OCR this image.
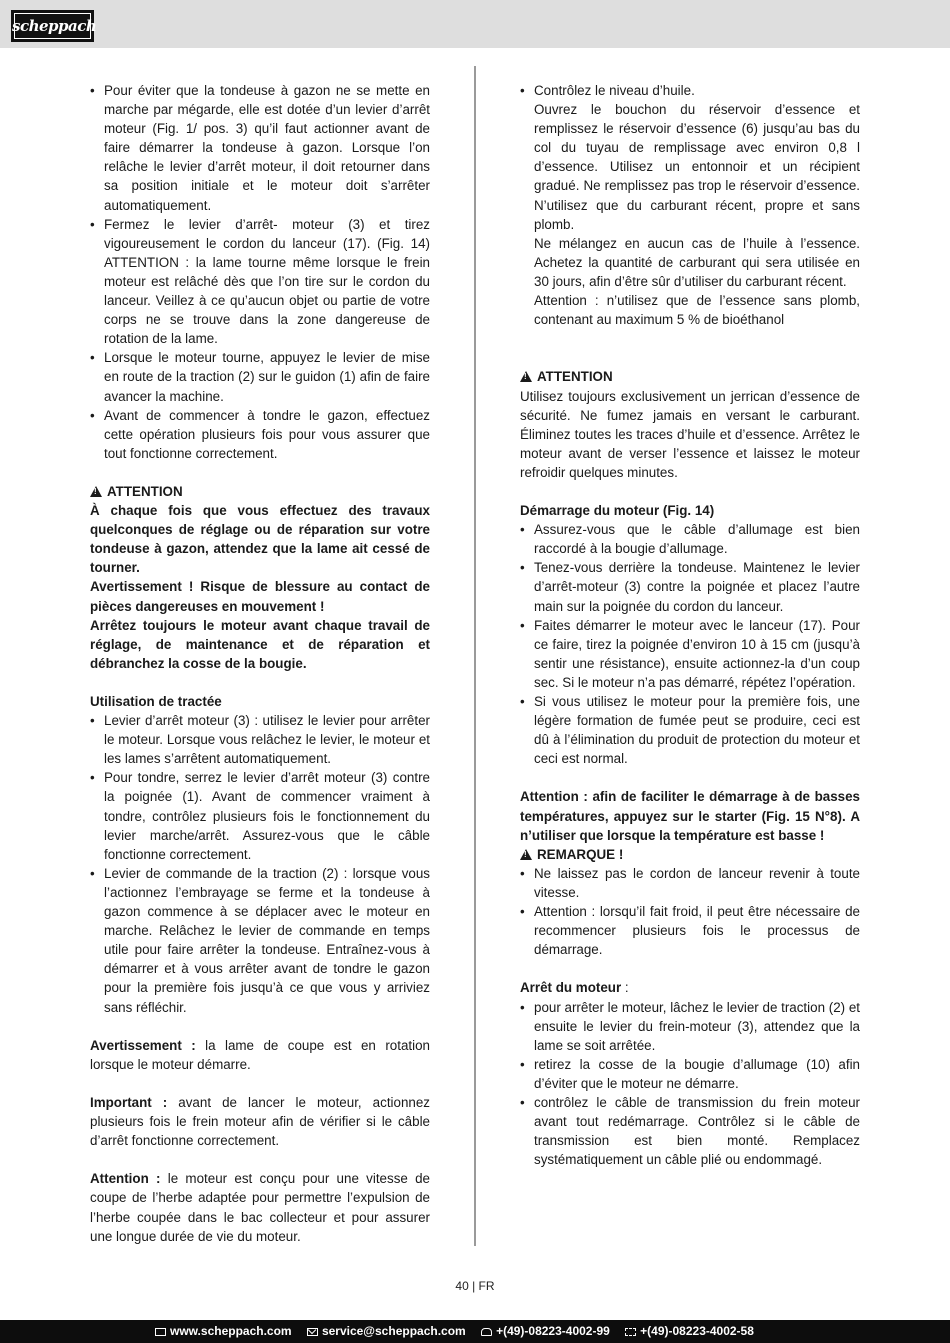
scheppach
• Pour éviter que la tondeuse à gazon ne se mette en marche par mégarde, elle est dotée d’un levier d’arrêt moteur (Fig. 1/ pos. 3) qu’il faut actionner avant de faire démarrer la tondeuse à gazon. Lorsque l’on relâche le levier d’arrêt moteur, il doit retourner dans sa position initiale et le moteur doit s’arrêter automatiquement.
• Fermez le levier d’arrêt- moteur (3) et tirez vigoureusement le cordon du lanceur (17). (Fig. 14) ATTENTION : la lame tourne même lorsque le frein moteur est relâché dès que l’on tire sur le cordon du lanceur. Veillez à ce qu’aucun objet ou partie de votre corps ne se trouve dans la zone dangereuse de rotation de la lame.
• Lorsque le moteur tourne, appuyez le levier de mise en route de la traction (2) sur le guidon (1) afin de faire avancer la machine.
• Avant de commencer à tondre le gazon, effectuez cette opération plusieurs fois pour vous assurer que tout fonctionne correctement.

!ATTENTION

À chaque fois que vous effectuez des travaux quelconques de réglage ou de réparation sur votre tondeuse à gazon, attendez que la lame ait cessé de tourner.

Avertissement ! Risque de blessure au contact de pièces dangereuses en mouvement !

Arrêtez toujours le moteur avant chaque travail de réglage, de maintenance et de réparation et débranchez la cosse de la bougie.

Utilisation de tractée

• Levier d’arrêt moteur (3) : utilisez le levier pour arrêter le moteur. Lorsque vous relâchez le levier, le moteur et les lames s’arrêtent automatiquement.
• Pour tondre, serrez le levier d’arrêt moteur (3) contre la poignée (1). Avant de commencer vraiment à tondre, contrôlez plusieurs fois le fonctionnement du levier marche/arrêt. Assurez-vous que le câble fonctionne correctement.
• Levier de commande de la traction (2) : lorsque vous l’actionnez l’embrayage se ferme et la tondeuse à gazon commence à se déplacer avec le moteur en marche. Relâchez le levier de commande en temps utile pour faire arrêter la tondeuse. Entraînez-vous à démarrer et à vous arrêter avant de tondre le gazon pour la première fois jusqu’à ce que vous y arriviez sans réfléchir.

Avertissement : la lame de coupe est en rotation lorsque le moteur démarre.

Important : avant de lancer le moteur, actionnez plusieurs fois le frein moteur afin de vérifier si le câble d’arrêt fonctionne correctement.

Attention : le moteur est conçu pour une vitesse de coupe de l’herbe adaptée pour permettre l’expulsion de l’herbe coupée dans le bac collecteur et pour assurer une longue durée de vie du moteur.

• Contrôlez le niveau d’huile.

Ouvrez le bouchon du réservoir d’essence et remplissez le réservoir d’essence (6) jusqu’au bas du col du tuyau de remplissage avec environ 0,8 l d’essence. Utilisez un entonnoir et un récipient gradué. Ne remplissez pas trop le réservoir d’essence. N’utilisez que du carburant récent, propre et sans plomb.

Ne mélangez en aucun cas de l’huile à l’essence. Achetez la quantité de carburant qui sera utilisée en 30 jours, afin d’être sûr d’utiliser du carburant récent.

Attention : n’utilisez que de l’essence sans plomb, contenant au maximum 5 % de bioéthanol

!ATTENTION

Utilisez toujours exclusivement un jerrican d’essence de sécurité. Ne fumez jamais en versant le carburant. Éliminez toutes les traces d’huile et d’essence. Arrêtez le moteur avant de verser l’essence et laissez le moteur refroidir quelques minutes.

Démarrage du moteur (Fig. 14)

• Assurez-vous que le câble d’allumage est bien raccordé à la bougie d’allumage.
• Tenez-vous derrière la tondeuse. Maintenez le levier d’arrêt-moteur (3) contre la poignée et placez l’autre main sur la poignée du cordon du lanceur.
• Faites démarrer le moteur avec le lanceur (17). Pour ce faire, tirez la poignée d’environ 10 à 15 cm (jusqu’à sentir une résistance), ensuite actionnez-la d’un coup sec. Si le moteur n’a pas démarré, répétez l’opération.
• Si vous utilisez le moteur pour la première fois, une légère formation de fumée peut se produire, ceci est dû à l’élimination du produit de protection du moteur et ceci est normal.

Attention : afin de faciliter le démarrage à de basses températures, appuyez sur le starter (Fig. 15 N°8). A n’utiliser que lorsque la température est basse !

!REMARQUE !

• Ne laissez pas le cordon de lanceur revenir à toute vitesse.
• Attention : lorsqu’il fait froid, il peut être nécessaire de recommencer plusieurs fois le processus de démarrage.

Arrêt du moteur :

• pour arrêter le moteur, lâchez le levier de traction (2) et ensuite le levier du frein-moteur (3), attendez que la lame se soit arrêtée.
• retirez la cosse de la bougie d’allumage (10) afin d’éviter que le moteur ne démarre.
• contrôlez le câble de transmission du frein moteur avant tout redémarrage. Contrôlez si le câble de transmission est bien monté. Remplacez systématiquement un câble plié ou endommagé.
40 | FR
www.scheppach.com	service@scheppach.com	+(49)-08223-4002-99	+(49)-08223-4002-58
